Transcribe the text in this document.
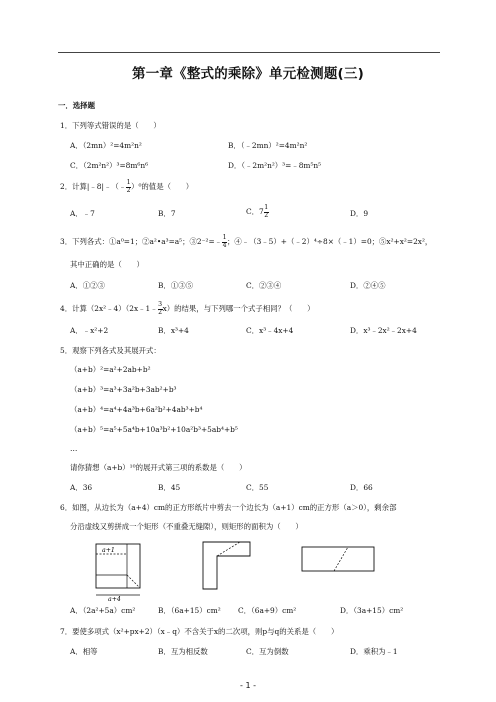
第一章《整式的乘除》单元检测题(三)
一．选择题
1．下列等式错误的是（　　）
A．（2mn）²=4m²n²	B．（﹣2mn）²=4m²n²
C．（2m²n²）³=8m⁶n⁶	D．（﹣2m²n²）³=﹣8m⁵n⁵
2．计算|﹣8|﹣（﹣ $\frac{1}{2} )^0$的值是（　　）
A．﹣7	B．7	C．$7 \frac{1}{2}$	D．9
3．下列各式：①a⁰=1；②a²•a³=a⁵；③2⁻²=﹣ $\frac{1}{4}$ ；④﹣（3﹣5）+（﹣2）⁴÷8×（﹣1）=0；⑤x²+x²=2x²，
其中正确的是（　　）
A．①②③	B．①③⑤	C．②③④	D．②④⑤
4．计算（2x²﹣4）（2x﹣1﹣ $\frac{3}{2} x$）的结果，与下列哪一个式子相同？（　　）
A．﹣x²+2	B．x³+4	C．x³﹣4x+4	D．x³﹣2x²﹣2x+4
5．观察下列各式及其展开式：
（a+b）²=a²+2ab+b²
（a+b）³=a³+3a²b+3ab²+b³
（a+b）⁴=a⁴+4a³b+6a²b²+4ab³+b⁴
（a+b）⁵=a⁵+5a⁴b+10a³b²+10a²b³+5ab⁴+b⁵
…
请你猜想（a+b）¹⁰的展开式第三项的系数是（　　）
A．36	B．45	C．55	D．66
6．如图，从边长为（a+4）cm的正方形纸片中剪去一个边长为（a+1）cm的正方形（a＞0），剩余部
分沿虚线又剪拼成一个矩形（不重叠无缝隙），则矩形的面积为（　　）
a+1
a+4
A．（2a²+5a）cm²	B．（6a+15）cm² C．（6a+9）cm²	D．（3a+15）cm²
7．要使多项式（x²+px+2）（x﹣q）不含关于x的二次项，则p与q的关系是（　　）
A．相等	B．互为相反数	C．互为倒数	D．乘积为﹣1
- 1 -
